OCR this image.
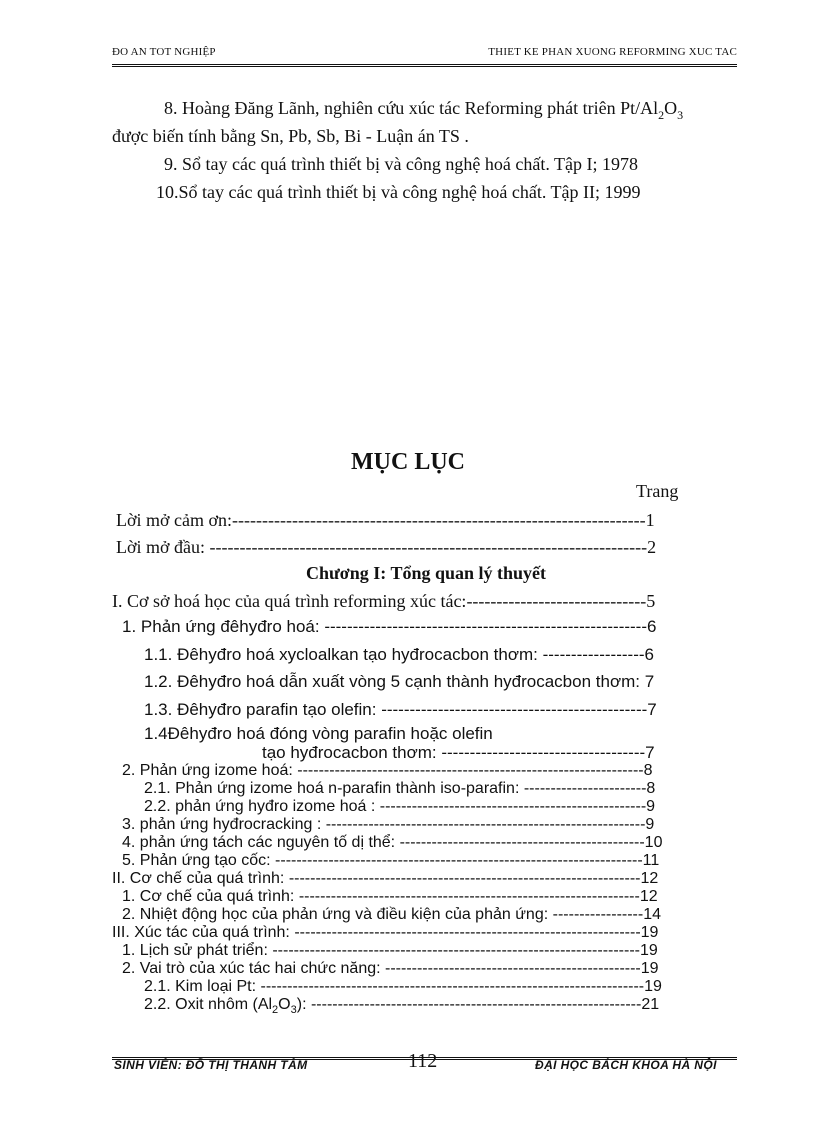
ĐO AN TOT NGHIỆP	THIET KE PHAN XUONG REFORMING XUC TAC
8. Hoàng Đăng Lãnh, nghiên cứu xúc tác Reforming phát triên $Pt/Al_2O_3$
được biến tính bằng Sn, Pb, Sb, Bi - Luận án TS .
9. Sổ tay các quá trình thiết bị và công nghệ hoá chất. Tập I; 1978
10.Sổ tay các quá trình thiết bị và công nghệ hoá chất. Tập II; 1999
MỤC LỤC
Trang
Lời mở cảm ơn:---------------------------------------------------------------------1
Lời mở đầu: -------------------------------------------------------------------------2
I. Cơ sở hoá học của quá trình reforming xúc tác:------------------------------5
1. Phản ứng đêhyđro hoá: ---------------------------------------------------------6
1.1. Đêhyđro hoá xycloalkan tạo hyđrocacbon thơm: ------------------6
1.2. Đêhyđro hoá dẫn xuất vòng 5 cạnh thành hyđrocacbon thơm: 7
1.3. Đêhyđro parafin tạo olefin: -----------------------------------------------7
1.4Đêhyđro hoá đóng vòng parafin hoặc olefin
tạo hyđrocacbon thơm: ------------------------------------7
2. Phản ứng izome hoá: -----------------------------------------------------------------8
2.1. Phản ứng izome hoá n-parafin thành iso-parafin: -----------------------8
2.2. phản ứng hyđro izome hoá : --------------------------------------------------9
3. phản ứng hyđrocracking : ------------------------------------------------------------9
4. phản ứng tách các nguyên tố dị thể: ----------------------------------------------10
5. Phản ứng tạo cốc: ---------------------------------------------------------------------11
II. Cơ chế của quá trình: ------------------------------------------------------------------12
1. Cơ chế của quá trình: ----------------------------------------------------------------12
2. Nhiệt động học của phản ứng và điều kiện của phản ứng: -----------------14
III. Xúc tác của quá trình: -----------------------------------------------------------------19
1. Lịch sử phát triển: ---------------------------------------------------------------------19
2. Vai trò của xúc tác hai chức năng: ------------------------------------------------19
2.1. Kim loại Pt: ------------------------------------------------------------------------19
2.2. Oxit nhôm $(Al_2O_3)$: --------------------------------------------------------------21
Chương I: Tổng quan lý thuyết
SINH VIÊN: ĐỖ THỊ THANH TÂM	112	ĐẠI HỌC BÁCH KHOA HÀ NỘI
